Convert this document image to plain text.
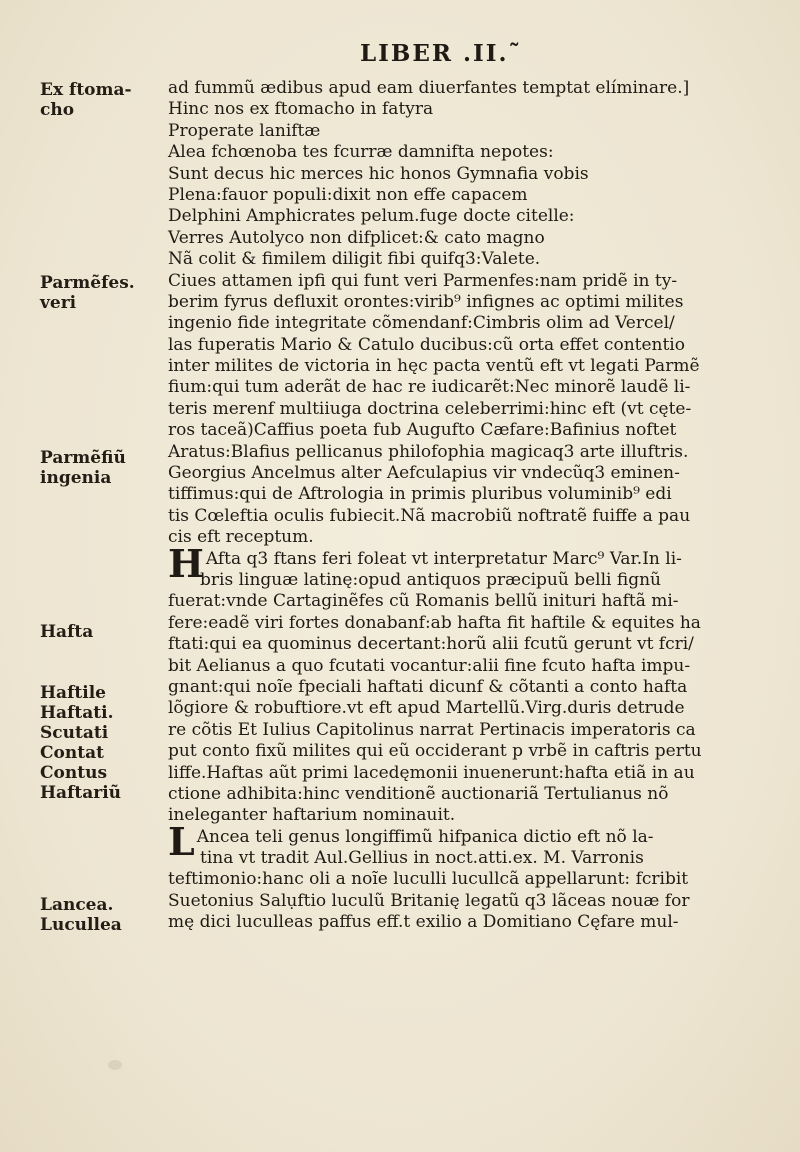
LIBER .II.˜
Ex ftoma-
cho
Parmẽfes.
veri
Parmẽfiũ
ingenia
Hafta
Haftile
Haftati.
Scutati
Contat
Contus
Haftariũ
Lancea.
Lucullea
ad fummũ ædibus apud eam diuerfantes temptat elíminare.]
Hinc nos ex ftomacho in fatyra
Properate laniftæ
Alea fchœnoba tes fcurræ damnifta nepotes:
Sunt decus hic merces hic honos Gymnafia vobis
Plena:fauor populi:dixit non effe capacem
Delphini Amphicrates pelum.fuge docte citelle:
Verres Autolyco non difplicet:& cato magno
Nã colit & fimilem diligit fibi quifq3:Valete.
Ciues attamen ipfi qui funt veri Parmenfes:nam pridẽ in ty-
berim fyrus defluxit orontes:virib⁹ infignes ac optimi milites
ingenio fide integritate cõmendanf:Cimbris olim ad Vercel/
las fuperatis Mario & Catulo ducibus:cũ orta effet contentio
inter milites de victoria in hęc pacta ventũ eft vt legati Parmẽ
fium:qui tum aderãt de hac re iudicarẽt:Nec minorẽ laudẽ li-
teris merenf multiiuga doctrina celeberrimi:hinc eft (vt cęte-
ros taceã)Caffius poeta fub Augufto Cæfare:Bafinius noftet
Aratus:Blafius pellicanus philofophia magicaq3 arte illuftris.
Georgius Ancelmus alter Aefculapius vir vndecũq3 eminen-
tiffimus:qui de Aftrologia in primis pluribus voluminib⁹ edi
tis Cœleftia oculis fubiecit.Nã macrobiũ noftratẽ fuiffe a pau
cis eft receptum.
H Afta q3 ftans feri foleat vt interpretatur Marc⁹ Var.In li-
bris linguæ latinę:opud antiquos præcipuũ belli fignũ
fuerat:vnde Cartaginẽfes cũ Romanis bellũ inituri haftã mi-
fere:eadẽ viri fortes donabanf:ab hafta fit haftile & equites ha
ftati:qui ea quominus decertant:horũ alii fcutũ gerunt vt fcri/
bit Aelianus a quo fcutati vocantur:alii fine fcuto hafta impu-
gnant:qui noĩe fpeciali haftati dicunf & cõtanti a conto hafta
lõgiore & robuftiore.vt eft apud Martellũ.Virg.duris detrude
re cõtis Et Iulius Capitolinus narrat Pertinacis imperatoris ca
put conto fixũ milites qui eũ occiderant p vrbẽ in caftris pertu
liffe.Haftas aũt primi lacedęmonii inuenerunt:hafta etiã in au
ctione adhibita:hinc venditionẽ auctionariã Tertulianus nõ
ineleganter haftarium nominauit.
L Ancea teli genus longiffimũ hifpanica dictio eft nõ la-
tina vt tradit Aul.Gellius in noct.atti.ex. M. Varronis
teftimonio:hanc oli a noĩe luculli lucullcã appellarunt: fcribit
Suetonius Salụftio luculũ Britanię legatũ q3 lãceas nouæ for
mę dici luculleas paffus eff.t exilio a Domitiano Cęfare mul-
